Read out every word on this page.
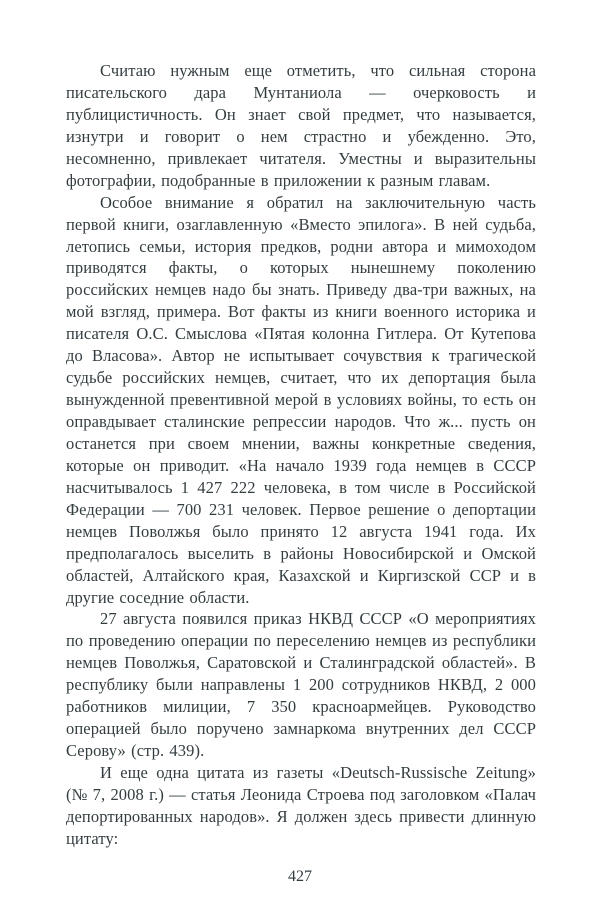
Считаю нужным еще отметить, что сильная сторона писательского дара Мунтаниола — очерковость и публицистичность. Он знает свой предмет, что называется, изнутри и говорит о нем страстно и убежденно. Это, несомненно, привлекает читателя. Уместны и выразительны фотографии, подобранные в приложении к разным главам.

Особое внимание я обратил на заключительную часть первой книги, озаглавленную «Вместо эпилога». В ней судьба, летопись семьи, история предков, родни автора и мимоходом приводятся факты, о которых нынешнему поколению российских немцев надо бы знать. Приведу два-три важных, на мой взгляд, примера. Вот факты из книги военного историка и писателя О.С. Смыслова «Пятая колонна Гитлера. От Кутепова до Власова». Автор не испытывает сочувствия к трагической судьбе российских немцев, считает, что их депортация была вынужденной превентивной мерой в условиях войны, то есть он оправдывает сталинские репрессии народов. Что ж... пусть он останется при своем мнении, важны конкретные сведения, которые он приводит. «На начало 1939 года немцев в СССР насчитывалось 1 427 222 человека, в том числе в Российской Федерации — 700 231 человек. Первое решение о депортации немцев Поволжья было принято 12 августа 1941 года. Их предполагалось выселить в районы Новосибирской и Омской областей, Алтайского края, Казахской и Киргизской ССР и в другие соседние области.

27 августа появился приказ НКВД СССР «О мероприятиях по проведению операции по переселению немцев из республики немцев Поволжья, Саратовской и Сталинградской областей». В республику были направлены 1 200 сотрудников НКВД, 2 000 работников милиции, 7 350 красноармейцев. Руководство операцией было поручено замнаркома внутренних дел СССР Серову» (стр. 439).

И еще одна цитата из газеты «Deutsch-Russische Zeitung» (№ 7, 2008 г.) — статья Леонида Строева под заголовком «Палач депортированных народов». Я должен здесь привести длинную цитату:

427
